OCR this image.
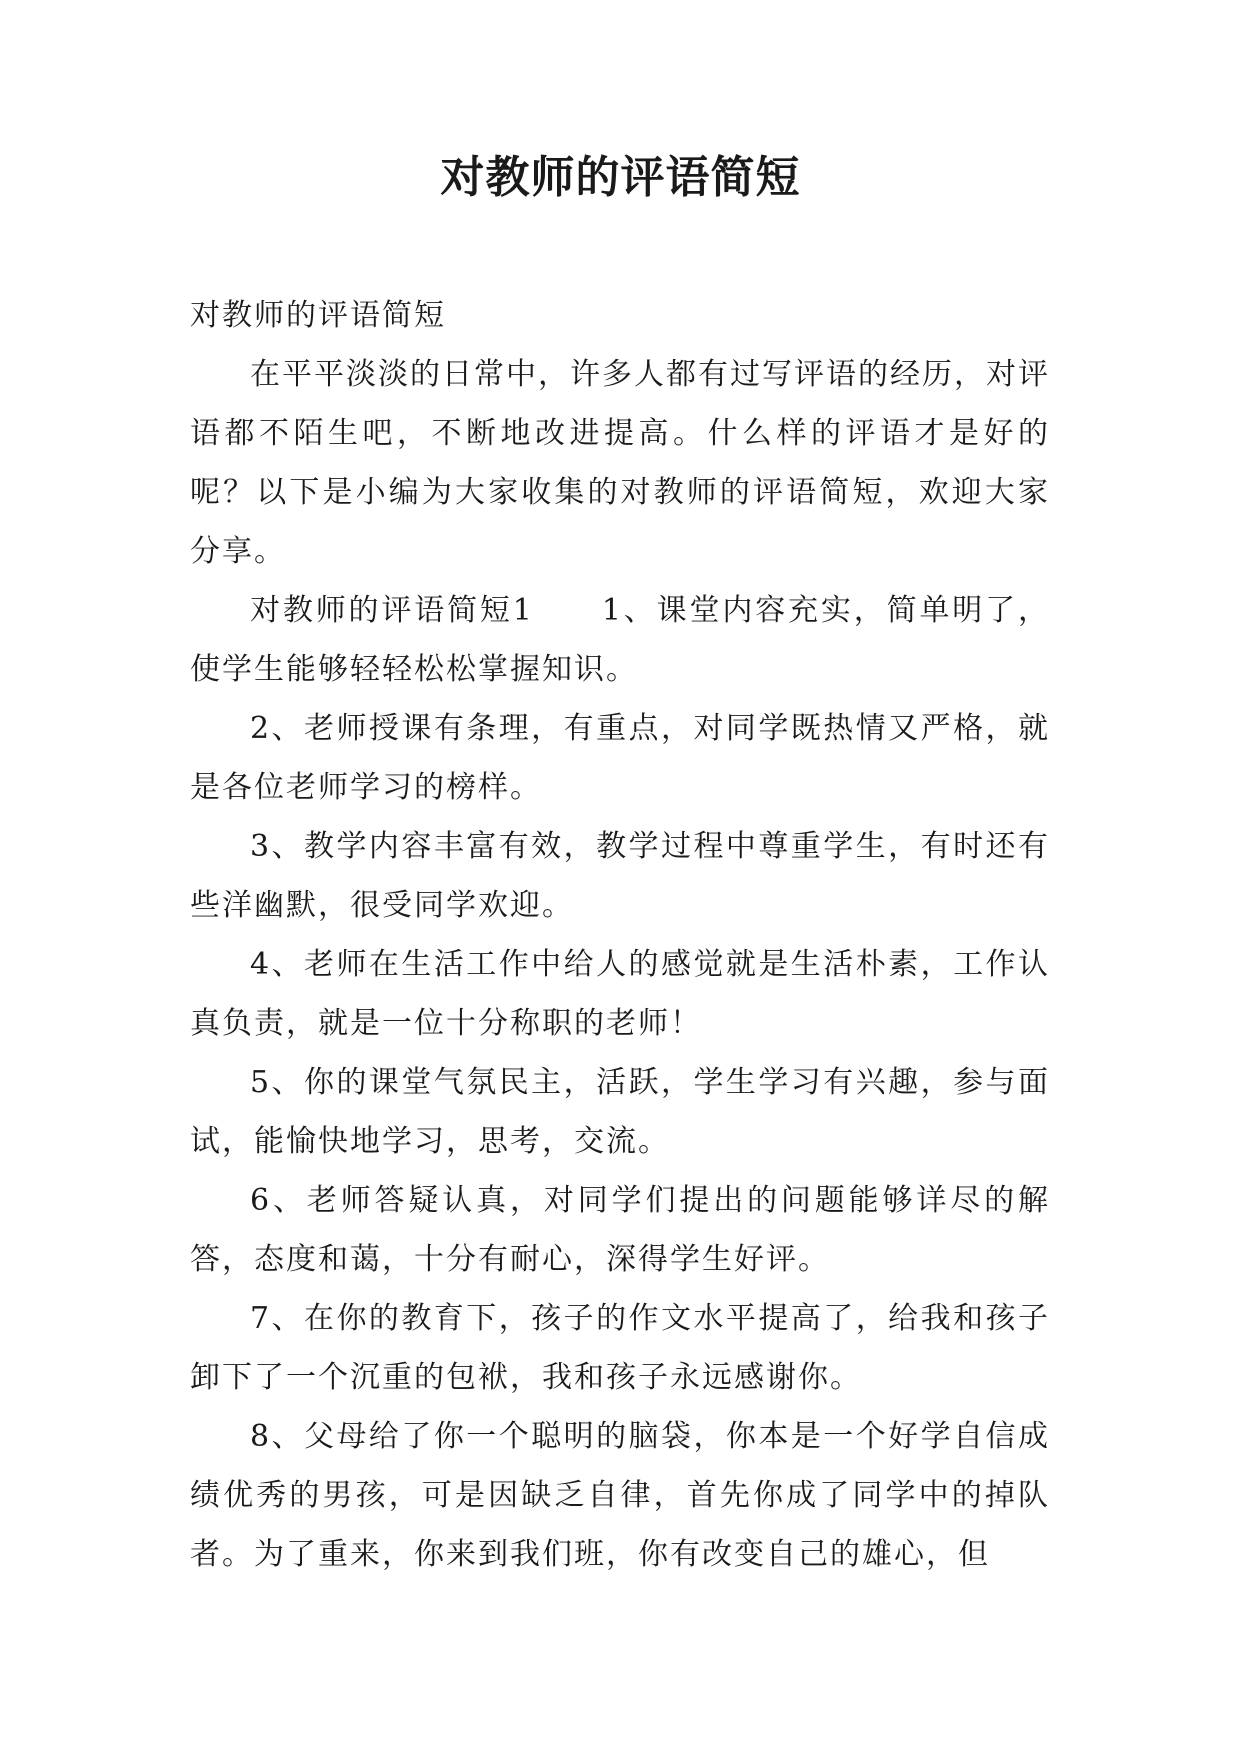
对教师的评语简短

对教师的评语简短

在平平淡淡的日常中，许多人都有过写评语的经历，对评语都不陌生吧，不断地改进提高。什么样的评语才是好的呢？以下是小编为大家收集的对教师的评语简短，欢迎大家分享。

对教师的评语简短1 1、课堂内容充实，简单明了，使学生能够轻轻松松掌握知识。

2、老师授课有条理，有重点，对同学既热情又严格，就是各位老师学习的榜样。

3、教学内容丰富有效，教学过程中尊重学生，有时还有些洋幽默，很受同学欢迎。

4、老师在生活工作中给人的感觉就是生活朴素，工作认真负责，就是一位十分称职的老师！

5、你的课堂气氛民主，活跃，学生学习有兴趣，参与面试，能愉快地学习，思考，交流。

6、老师答疑认真，对同学们提出的问题能够详尽的解答，态度和蔼，十分有耐心，深得学生好评。

7、在你的教育下，孩子的作文水平提高了，给我和孩子卸下了一个沉重的包袱，我和孩子永远感谢你。

8、父母给了你一个聪明的脑袋，你本是一个好学自信成绩优秀的男孩，可是因缺乏自律，首先你成了同学中的掉队者。为了重来，你来到我们班，你有改变自己的雄心，但
